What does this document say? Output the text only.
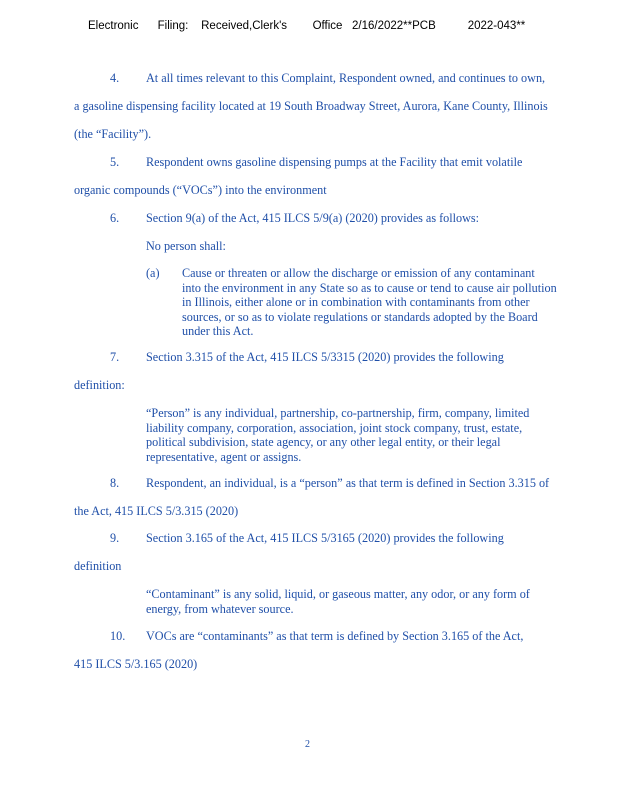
Electronic      Filing:    Received,Clerk's        Office   2/16/2022**PCB          2022-043**
4. At all times relevant to this Complaint, Respondent owned, and continues to own,
a gasoline dispensing facility located at 19 South Broadway Street, Aurora, Kane County, Illinois
(the “Facility”).
5. Respondent owns gasoline dispensing pumps at the Facility that emit volatile
organic compounds (“VOCs”) into the environment
6. Section 9(a) of the Act, 415 ILCS 5/9(a) (2020) provides as follows:
No person shall:
(a) Cause or threaten or allow the discharge or emission of any contaminant
into the environment in any State so as to cause or tend to cause air pollution
in Illinois, either alone or in combination with contaminants from other
sources, or so as to violate regulations or standards adopted by the Board
under this Act.
7. Section 3.315 of the Act, 415 ILCS 5/3315 (2020) provides the following
definition:
“Person” is any individual, partnership, co-partnership, firm, company, limited
liability company, corporation, association, joint stock company, trust, estate,
political subdivision, state agency, or any other legal entity, or their legal
representative, agent or assigns.
8. Respondent, an individual, is a “person” as that term is defined in Section 3.315 of
the Act, 415 ILCS 5/3.315 (2020)
9. Section 3.165 of the Act, 415 ILCS 5/3165 (2020) provides the following
definition
“Contaminant” is any solid, liquid, or gaseous matter, any odor, or any form of
energy, from whatever source.
10. VOCs are “contaminants” as that term is defined by Section 3.165 of the Act,
415 ILCS 5/3.165 (2020)
2
